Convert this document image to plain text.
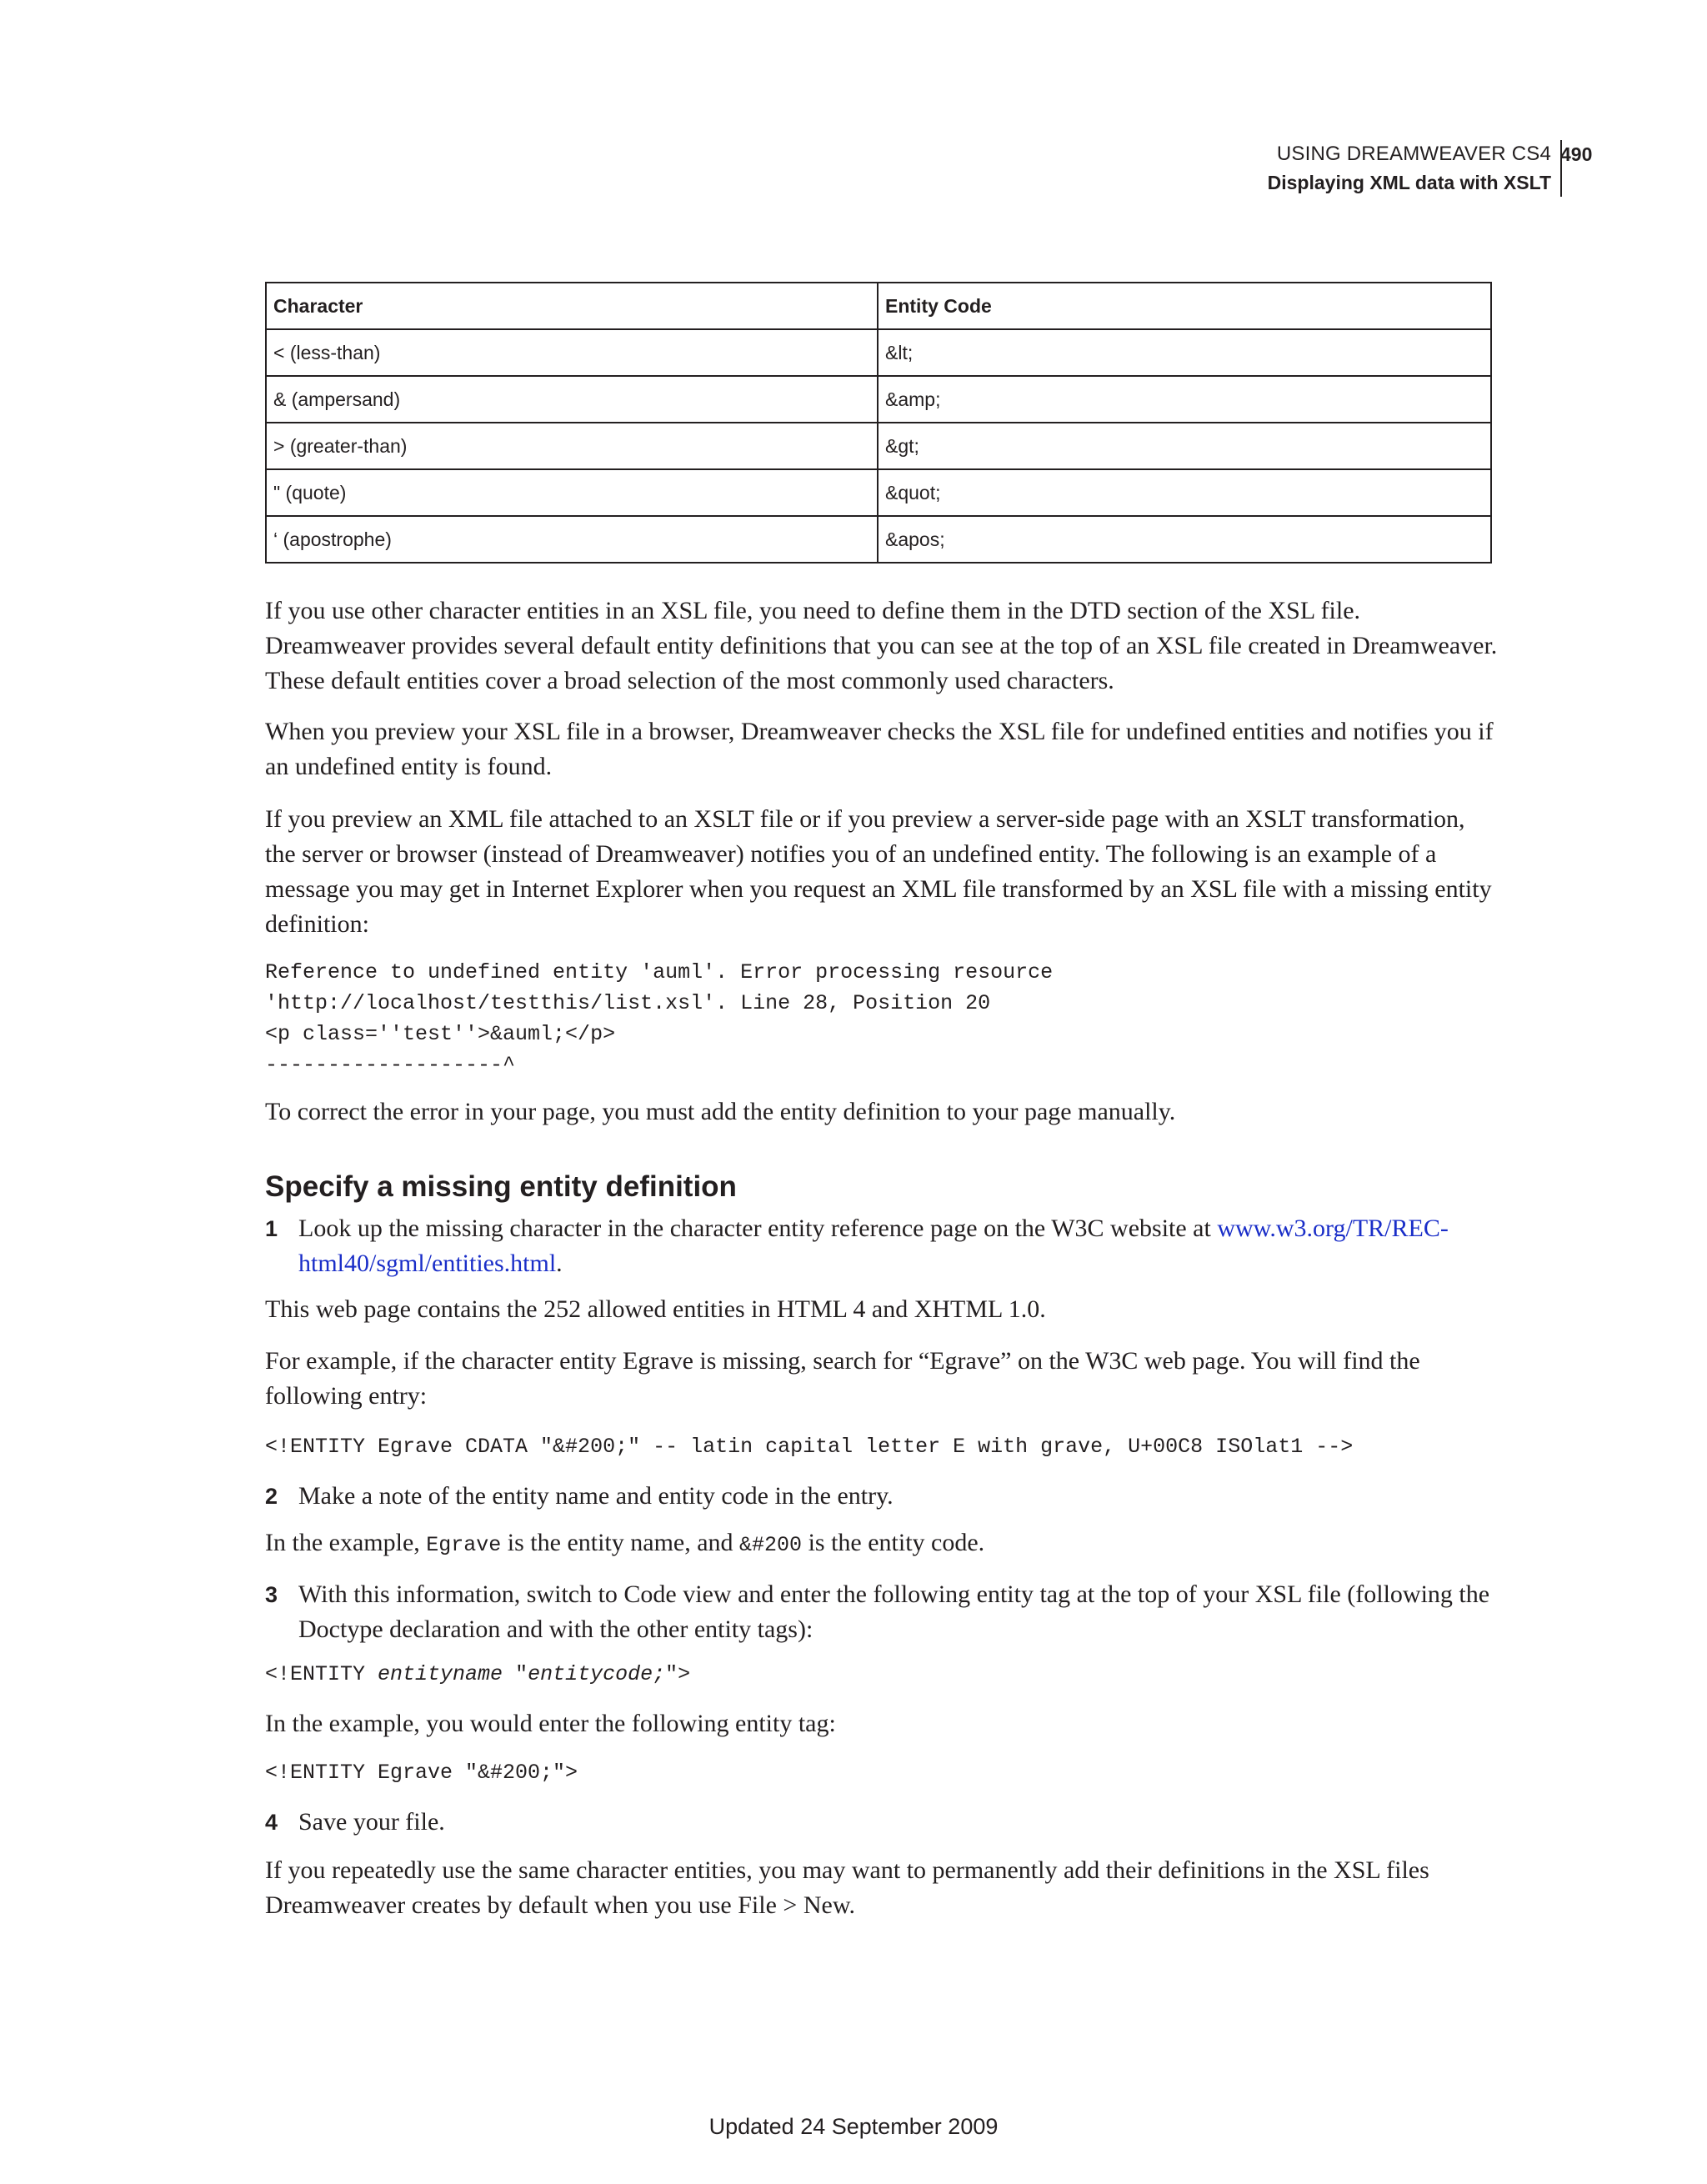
USING DREAMWEAVER CS4
Displaying XML data with XSLT
490
Character	Entity Code
< (less-than)	&lt;
& (ampersand)	&amp;
> (greater-than)	&gt;
" (quote)	&quot;
‘ (apostrophe)	&apos;

If you use other character entities in an XSL file, you need to define them in the DTD section of the XSL file. Dreamweaver provides several default entity definitions that you can see at the top of an XSL file created in Dreamweaver. These default entities cover a broad selection of the most commonly used characters.

When you preview your XSL file in a browser, Dreamweaver checks the XSL file for undefined entities and notifies you if an undefined entity is found.

If you preview an XML file attached to an XSLT file or if you preview a server-side page with an XSLT transformation, the server or browser (instead of Dreamweaver) notifies you of an undefined entity. The following is an example of a message you may get in Internet Explorer when you request an XML file transformed by an XSL file with a missing entity definition:

Reference to undefined entity 'auml'. Error processing resource
'http://localhost/testthis/list.xsl'. Line 28, Position 20
<p class=''test''>&auml;</p>
-------------------^

To correct the error in your page, you must add the entity definition to your page manually.

Specify a missing entity definition

1 Look up the missing character in the character entity reference page on the W3C website at www.w3.org/TR/REC-html40/sgml/entities.html.

This web page contains the 252 allowed entities in HTML 4 and XHTML 1.0.

For example, if the character entity Egrave is missing, search for “Egrave” on the W3C web page. You will find the following entry:

<!ENTITY Egrave CDATA "&#200;" -- latin capital letter E with grave, U+00C8 ISOlat1 -->

2 Make a note of the entity name and entity code in the entry.

In the example, Egrave is the entity name, and &#200 is the entity code.

3 With this information, switch to Code view and enter the following entity tag at the top of your XSL file (following the Doctype declaration and with the other entity tags):

<!ENTITY entityname "entitycode;">

In the example, you would enter the following entity tag:

<!ENTITY Egrave "&#200;">

4 Save your file.

If you repeatedly use the same character entities, you may want to permanently add their definitions in the XSL files Dreamweaver creates by default when you use File > New.

Updated 24 September 2009
